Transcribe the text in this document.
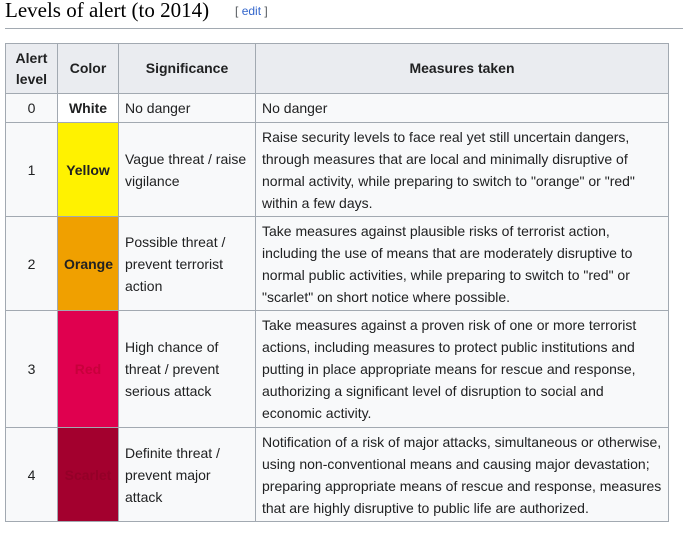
Levels of alert (to 2014) [ edit ]
Alert level	Color	Significance	Measures taken
0	White	No danger	No danger
1	Yellow	Vague threat / raise vigilance	Raise security levels to face real yet still uncertain dangers, through measures that are local and minimally disruptive of normal activity, while preparing to switch to "orange" or "red" within a few days.
2	Orange	Possible threat / prevent terrorist action	Take measures against plausible risks of terrorist action, including the use of means that are moderately disruptive to normal public activities, while preparing to switch to "red" or "scarlet" on short notice where possible.
3	Red	High chance of threat / prevent serious attack	Take measures against a proven risk of one or more terrorist actions, including measures to protect public institutions and putting in place appropriate means for rescue and response, authorizing a significant level of disruption to social and economic activity.
4	Scarlet	Definite threat / prevent major attack	Notification of a risk of major attacks, simultaneous or otherwise, using non-conventional means and causing major devastation; preparing appropriate means of rescue and response, measures that are highly disruptive to public life are authorized.
